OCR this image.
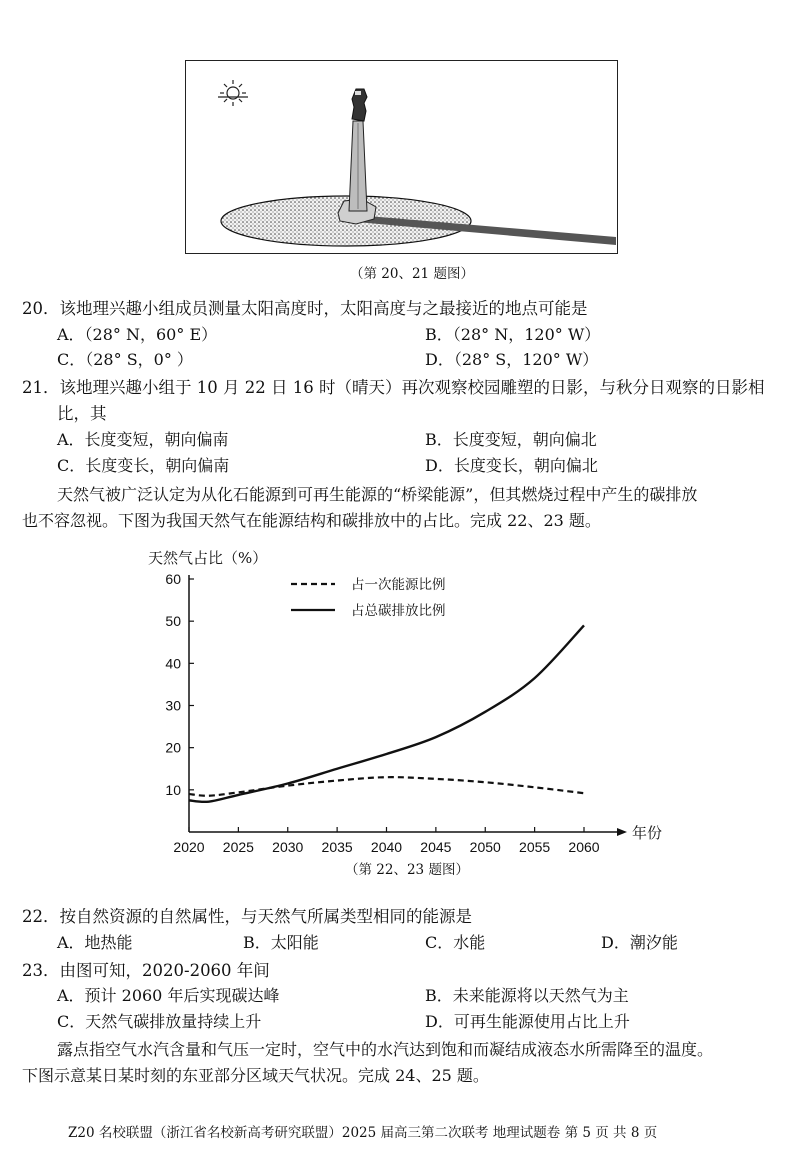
（第 20、21 题图）
20．该地理兴趣小组成员测量太阳高度时，太阳高度与之最接近的地点可能是
A．（28° N，60° E）	B．（28° N，120° W）
C．（28° S，0° ）	D．（28° S，120° W）
21．该地理兴趣小组于 10 月 22 日 16 时（晴天）再次观察校园雕塑的日影，与秋分日观察的日影相
比，其
A．长度变短，朝向偏南	B．长度变短，朝向偏北
C．长度变长，朝向偏南	D．长度变长，朝向偏北
天然气被广泛认定为从化石能源到可再生能源的“桥梁能源”，但其燃烧过程中产生的碳排放
也不容忽视。下图为我国天然气在能源结构和碳排放中的占比。完成 22、23 题。
60
50
40
30
20
10
2020 2025 2030 2035 2040 2045 2050 2055 2060
天然气占比（%）
年份
占一次能源比例
占总碳排放比例
（第 22、23 题图）
22．按自然资源的自然属性，与天然气所属类型相同的能源是
A．地热能	B．太阳能	C．水能	D．潮汐能
23．由图可知，2020-2060 年间
A．预计 2060 年后实现碳达峰	B．未来能源将以天然气为主
C．天然气碳排放量持续上升	D．可再生能源使用占比上升
露点指空气水汽含量和气压一定时，空气中的水汽达到饱和而凝结成液态水所需降至的温度。
下图示意某日某时刻的东亚部分区域天气状况。完成 24、25 题。
Z20 名校联盟（浙江省名校新高考研究联盟）2025 届高三第二次联考 地理试题卷 第 5 页 共 8 页
